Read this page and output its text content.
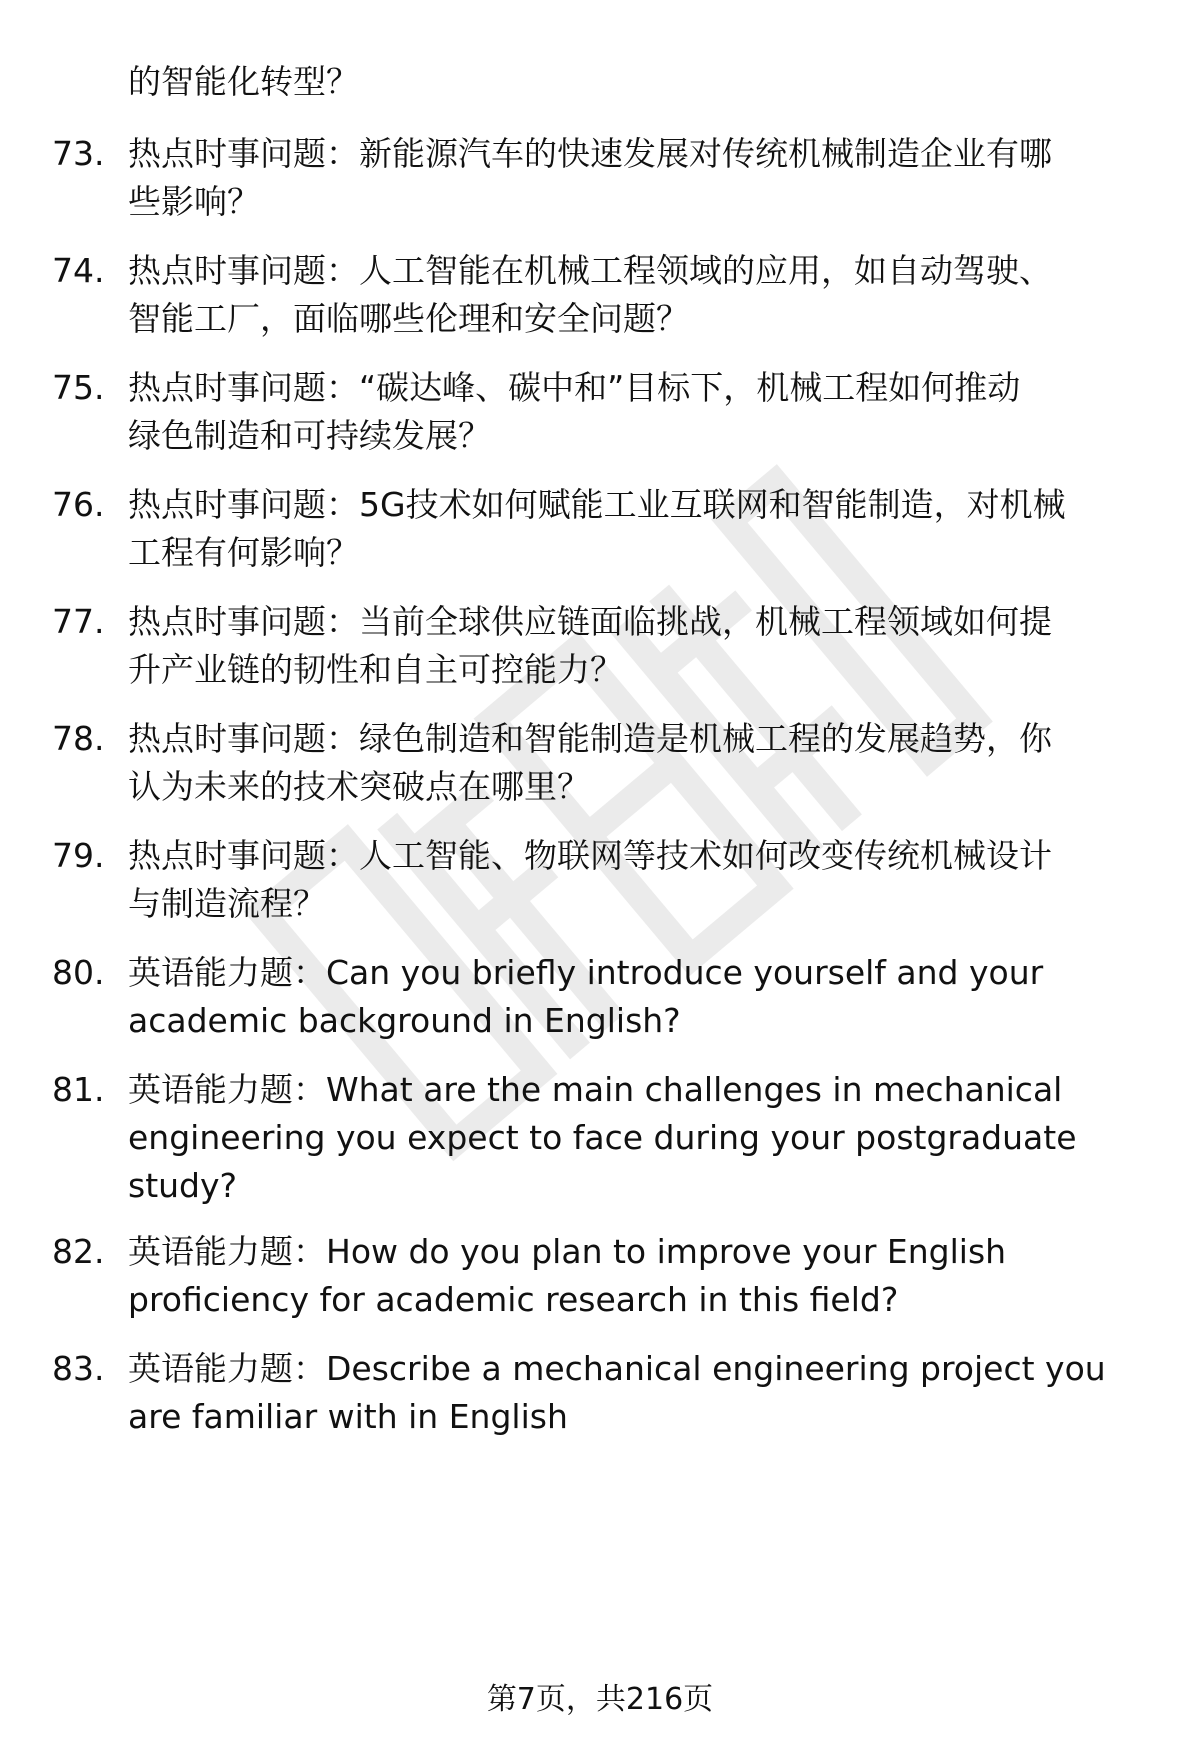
的智能化转型？
73. 热点时事问题：新能源汽车的快速发展对传统机械制造企业有哪
些影响？
74. 热点时事问题：人工智能在机械工程领域的应用，如自动驾驶、
智能工厂，面临哪些伦理和安全问题？
75. 热点时事问题：“碳达峰、碳中和”目标下，机械工程如何推动
绿色制造和可持续发展？
76. 热点时事问题：5G技术如何赋能工业互联网和智能制造，对机械
工程有何影响？
77. 热点时事问题：当前全球供应链面临挑战，机械工程领域如何提
升产业链的韧性和自主可控能力？
78. 热点时事问题：绿色制造和智能制造是机械工程的发展趋势，你
认为未来的技术突破点在哪里？
79. 热点时事问题：人工智能、物联网等技术如何改变传统机械设计
与制造流程？
80. 英语能力题：Can you briefly introduce yourself and your
academic background in English?
81. 英语能力题：What are the main challenges in mechanical
engineering you expect to face during your postgraduate
study?
82. 英语能力题：How do you plan to improve your English
proficiency for academic research in this field?
83. 英语能力题：Describe a mechanical engineering project you
are familiar with in English
第7页，共216页
